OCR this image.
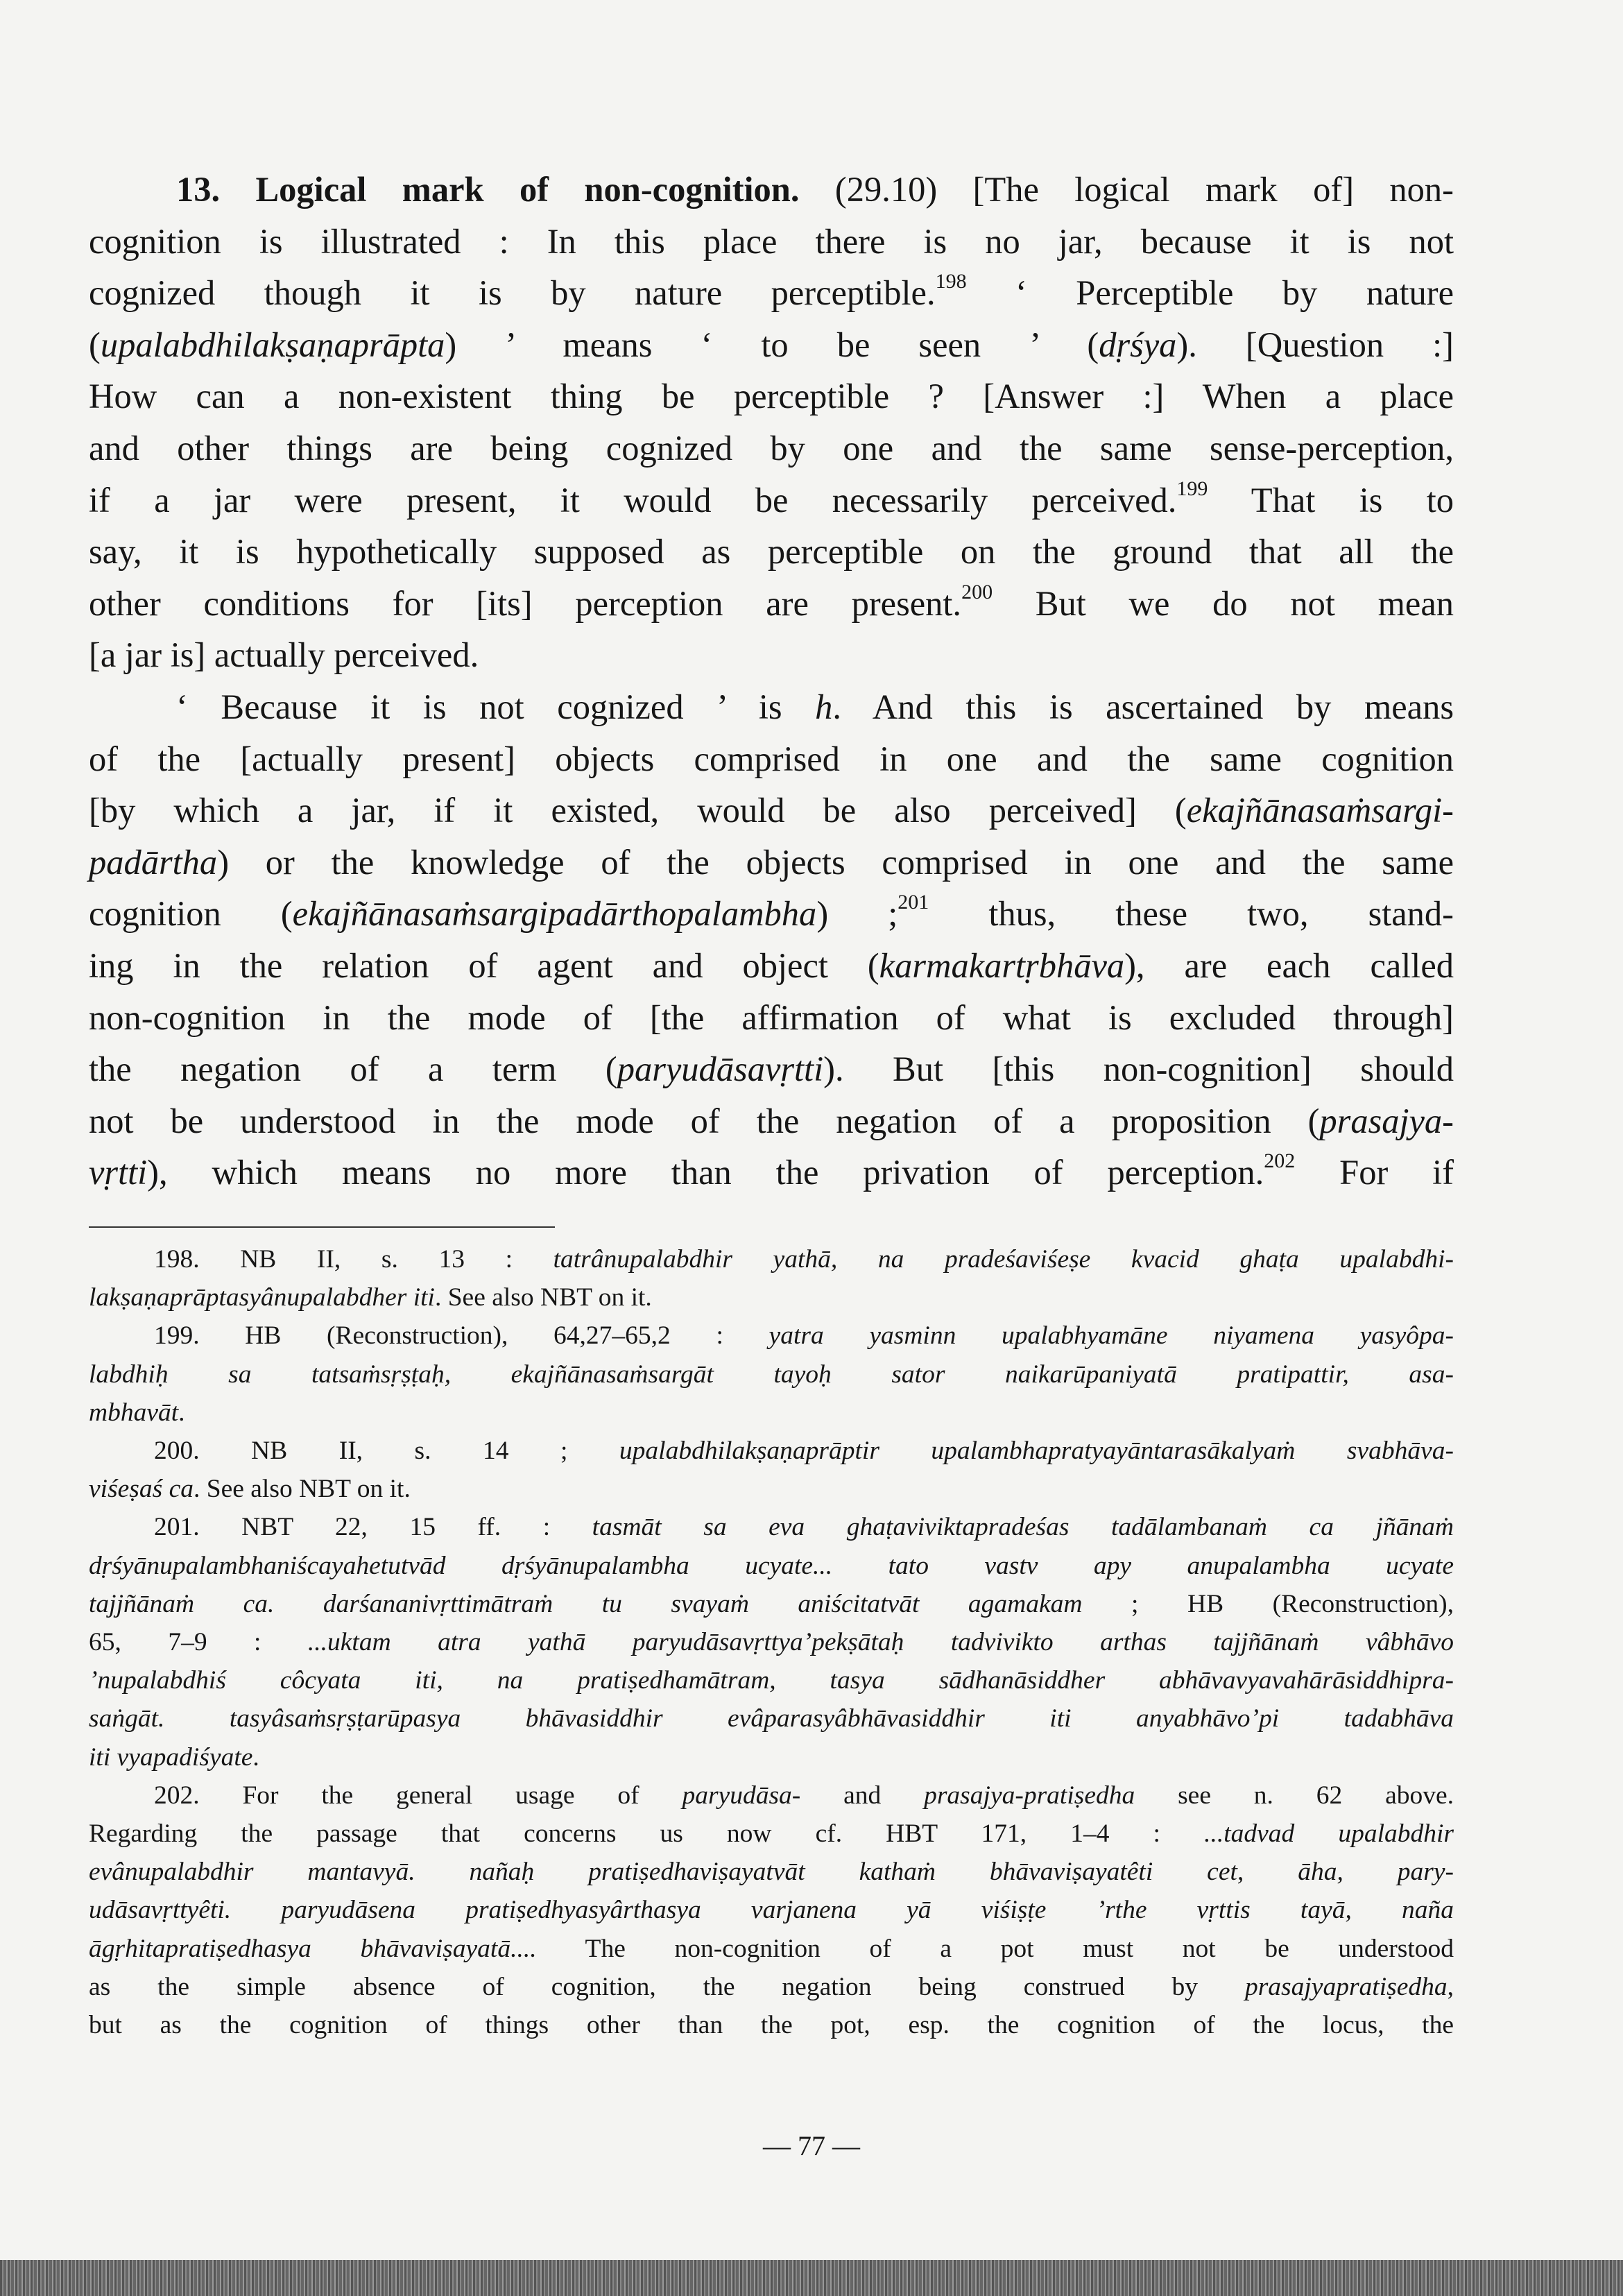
13. Logical mark of non-cognition. (29.10) [The logical mark of] non-
cognition is illustrated : In this place there is no jar, because it is not
cognized though it is by nature perceptible.$^{198}$ ‘ Perceptible by nature
(upalabdhilakṣaṇaprāpta) ’ means ‘ to be seen ’ (dṛśya). [Question :]
How can a non-existent thing be perceptible ? [Answer :] When a place
and other things are being cognized by one and the same sense-perception,
if a jar were present, it would be necessarily perceived.$^{199}$ That is to
say, it is hypothetically supposed as perceptible on the ground that all the
other conditions for [its] perception are present.$^{200}$ But we do not mean
[a jar is] actually perceived.

‘ Because it is not cognized ’ is h. And this is ascertained by means
of the [actually present] objects comprised in one and the same cognition
[by which a jar, if it existed, would be also perceived] (ekajñānasaṁsargi-
padārtha) or the knowledge of the objects comprised in one and the same
cognition (ekajñānasaṁsargipadārthopalambha) ;$^{201}$ thus, these two, stand-
ing in the relation of agent and object (karmakartṛbhāva), are each called
non-cognition in the mode of [the affirmation of what is excluded through]
the negation of a term (paryudāsavṛtti). But [this non-cognition] should
not be understood in the mode of the negation of a proposition (prasajya-
vṛtti), which means no more than the privation of perception.$^{202}$ For if

198. NB II, s. 13 : tatrânupalabdhir yathā, na pradeśaviśeṣe kvacid ghaṭa upalabdhi-
lakṣaṇaprāptasyânupalabdher iti. See also NBT on it.
199. HB (Reconstruction), 64,27–65,2 : yatra yasminn upalabhyamāne niyamena yasyôpa-
labdhiḥ sa tatsaṁsṛṣṭaḥ, ekajñānasaṁsargāt tayoḥ sator naikarūpaniyatā pratipattir, asa-
mbhavāt.
200. NB II, s. 14 ; upalabdhilakṣaṇaprāptir upalambhapratyayāntarasākalyaṁ svabhāva-
viśeṣaś ca. See also NBT on it.
201. NBT 22, 15 ff. : tasmāt sa eva ghaṭaviviktapradeśas tadālambanaṁ ca jñānaṁ
dṛśyānupalambhaniścayahetutvād dṛśyānupalambha ucyate... tato vastv apy anupalambha ucyate
tajjñānaṁ ca. darśananivṛttimātraṁ tu svayaṁ aniścitatvāt agamakam ; HB (Reconstruction),
65, 7–9 : ...uktam atra yathā paryudāsavṛttya’pekṣātaḥ tadvivikto arthas tajjñānaṁ vâbhāvo
’nupalabdhiś côcyata iti, na pratiṣedhamātram, tasya sādhanāsiddher abhāvavyavahārāsiddhipra-
saṅgāt. tasyâsaṁsṛṣṭarūpasya bhāvasiddhir evâparasyâbhāvasiddhir iti anyabhāvo’pi tadabhāva
iti vyapadiśyate.
202. For the general usage of paryudāsa- and prasajya-pratiṣedha see n. 62 above.
Regarding the passage that concerns us now cf. HBT 171, 1–4 : ...tadvad upalabdhir
evânupalabdhir mantavyā. nañaḥ pratiṣedhaviṣayatvāt kathaṁ bhāvaviṣayatêti cet, āha, pary-
udāsavṛttyêti. paryudāsena pratiṣedhyasyârthasya varjanena yā viśiṣṭe ’rthe vṛttis tayā, naña
āgṛhitapratiṣedhasya bhāvaviṣayatā.... The non-cognition of a pot must not be understood
as the simple absence of cognition, the negation being construed by prasajyapratiṣedha,
but as the cognition of things other than the pot, esp. the cognition of the locus, the
— 77 —
